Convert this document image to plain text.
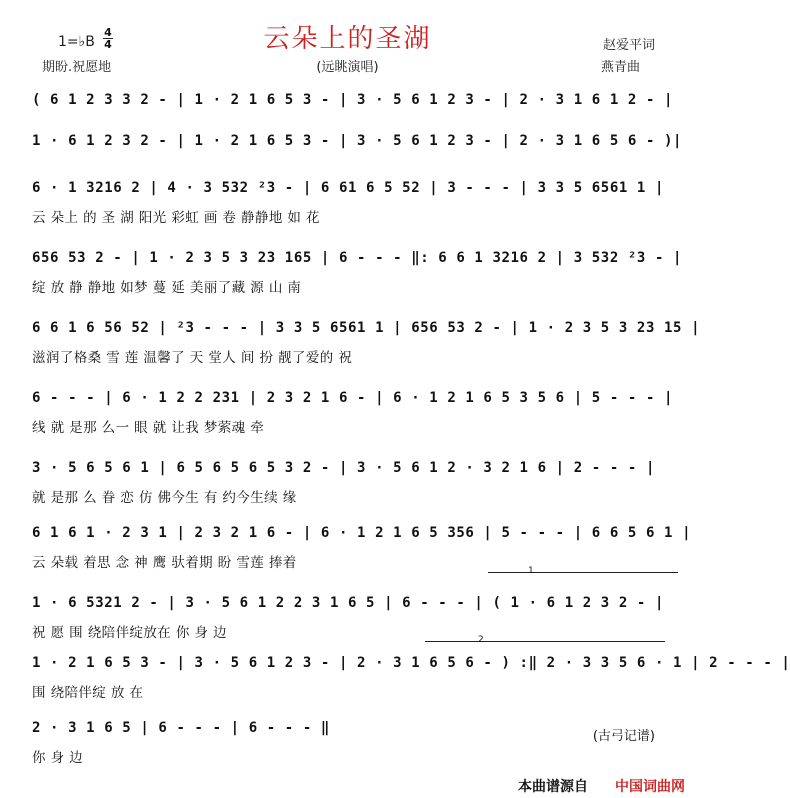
云朵上的圣湖
1=♭B
4
4
期盼.祝愿地	(远眺演唱)
赵爱平词
燕青曲
( 6 1 2 3 3 2 - | 1 · 2 1 6 5 3 - | 3 · 5 6 1 2 3 - | 2 · 3 1 6 1 2 - |
1 · 6 1 2 3 2 - | 1 · 2 1 6 5 3 - | 3 · 5 6 1 2 3 - | 2 · 3 1 6 5 6 - )|
6 · 1 3216 2 | 4 · 3 532 ²3 - | 6 61 6 5 52 | 3 - - - | 3 3 5 6561 1 |
云 朵上 的 圣 湖 阳光 彩虹 画 卷 静静地 如 花
656 53 2 - | 1 · 2 3 5 3 23 165 | 6 - - - ‖: 6 6 1 3216 2 | 3 532 ²3 - |
绽 放 静 静地 如梦 蔓 延 美丽了藏 源 山 南
6 6 1 6 56 52 | ²3 - - - | 3 3 5 6561 1 | 656 53 2 - | 1 · 2 3 5 3 23 15 |
滋润了格桑 雪 莲 温馨了 天 堂人 间 扮 靓了爱的 祝
6 - - - | 6 · 1 2 2 231 | 2 3 2 1 6 - | 6 · 1 2 1 6 5 3 5 6 | 5 - - - |
线 就 是那 么一 眼 就 让我 梦萦魂 牵
3 · 5 6 5 6 1 | 6 5 6 5 6 5 3 2 - | 3 · 5 6 1 2 · 3 2 1 6 | 2 - - - |
就 是那 么 眷 恋 仿 佛今生 有 约今生续 缘
6 1 6 1 · 2 3 1 | 2 3 2 1 6 - | 6 · 1 2 1 6 5 356 | 5 - - - | 6 6 5 6 1 |
云 朵载 着思 念 神 鹰 驮着期 盼 雪莲 捧着
1 · 6 5321 2 - | 3 · 5 6 1 2 2 3 1 6 5 | 6 - - - | ( 1 · 6 1 2 3 2 - |
祝 愿 围 绕陪伴绽放在 你 身 边
1 · 2 1 6 5 3 - | 3 · 5 6 1 2 3 - | 2 · 3 1 6 5 6 - ) :‖ 2 · 3 3 5 6 · 1 | 2 - - - |
围 绕陪伴绽 放 在
2 · 3 1 6 5 | 6 - - - | 6 - - - ‖
你 身 边
1
2
(古弓记谱)
本曲谱源自 中国词曲网
